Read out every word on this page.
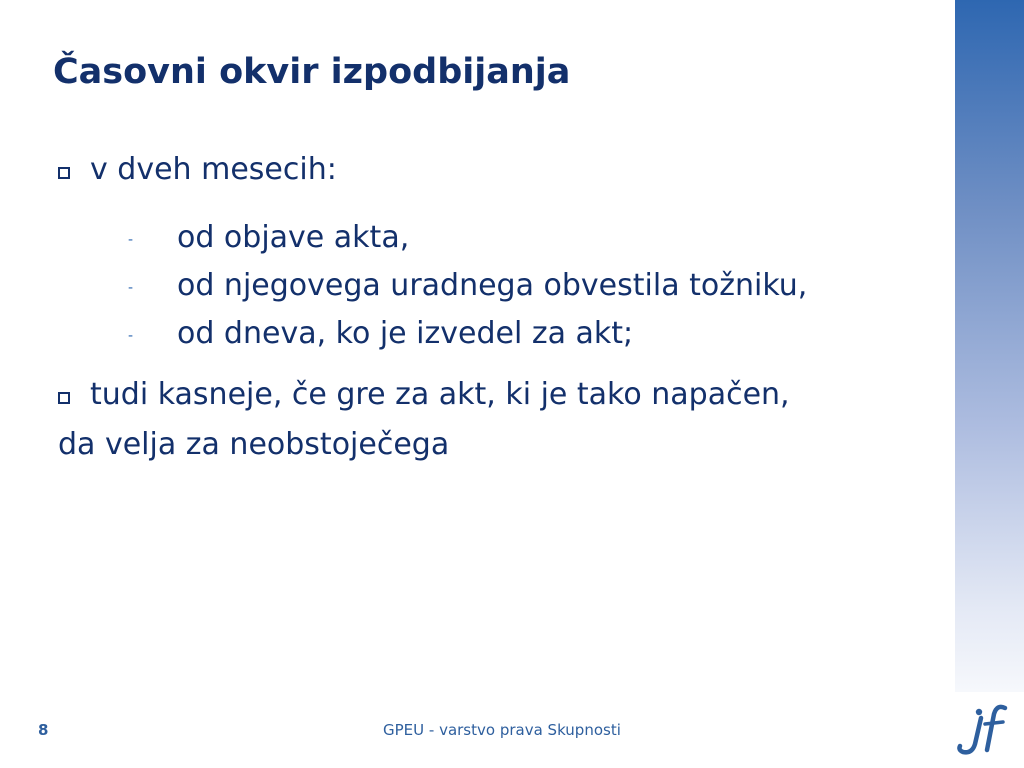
Časovni okvir izpodbijanja
v dveh mesecih:
- od objave akta,
- od njegovega uradnega obvestila tožniku,
- od dneva, ko je izvedel za akt;
tudi kasneje, če gre za akt, ki je tako napačen,
da velja za neobstoječega
8	GPEU - varstvo prava Skupnosti
